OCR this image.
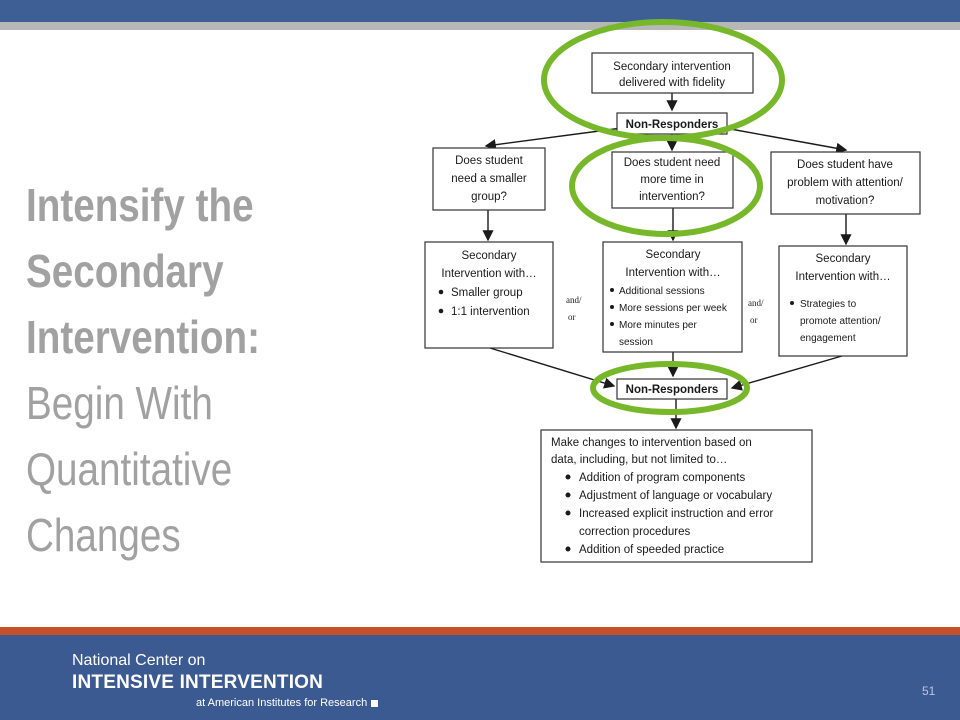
Intensify the
Secondary
Intervention:
Begin With
Quantitative
Changes
Secondary intervention
delivered with fidelity
Non-Responders
Does student
need a smaller
group?
Does student need
more time in
intervention?
Does student have
problem with attention/
motivation?
Secondary
Intervention with…
Smaller group
1:1 intervention
and/
or
Secondary
Intervention with…
Additional sessions
More sessions per week
More minutes per
session
and/
or
Secondary
Intervention with…
Strategies to
promote attention/
engagement
Non-Responders
Make changes to intervention based on
data, including, but not limited to…
Addition of program components
Adjustment of language or vocabulary
Increased explicit instruction and error
correction procedures
Addition of speeded practice
National Center on
INTENSIVE INTERVENTION
at American Institutes for Research
51
